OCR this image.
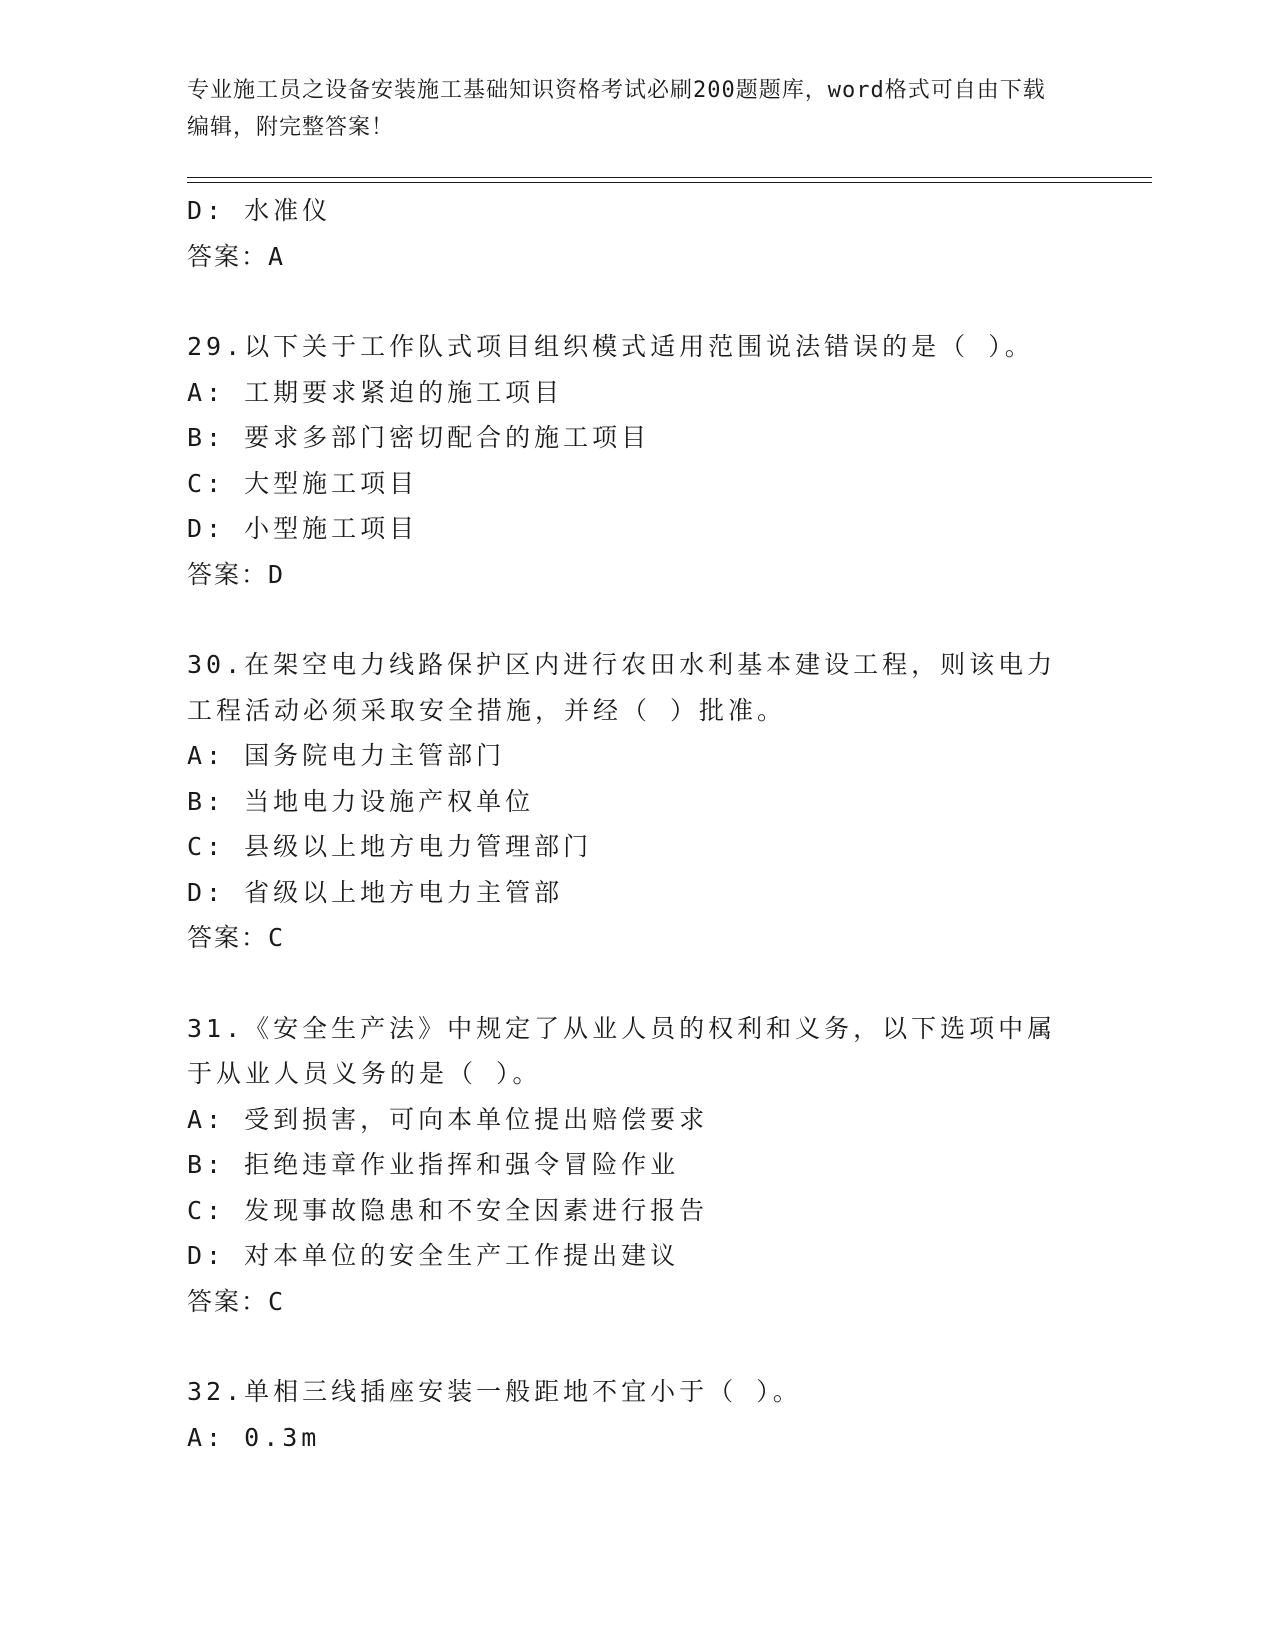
专业施工员之设备安装施工基础知识资格考试必刷200题题库，word格式可自由下载编辑，附完整答案！
D: 水准仪
答案：A
29.以下关于工作队式项目组织模式适用范围说法错误的是（ ）。
A: 工期要求紧迫的施工项目
B: 要求多部门密切配合的施工项目
C: 大型施工项目
D: 小型施工项目
答案：D
30.在架空电力线路保护区内进行农田水利基本建设工程，则该电力工程活动必须采取安全措施，并经（ ）批准。
A: 国务院电力主管部门
B: 当地电力设施产权单位
C: 县级以上地方电力管理部门
D: 省级以上地方电力主管部
答案：C
31.《安全生产法》中规定了从业人员的权利和义务，以下选项中属于从业人员义务的是（ ）。
A: 受到损害，可向本单位提出赔偿要求
B: 拒绝违章作业指挥和强令冒险作业
C: 发现事故隐患和不安全因素进行报告
D: 对本单位的安全生产工作提出建议
答案：C
32.单相三线插座安装一般距地不宜小于（ ）。
A: 0.3m
